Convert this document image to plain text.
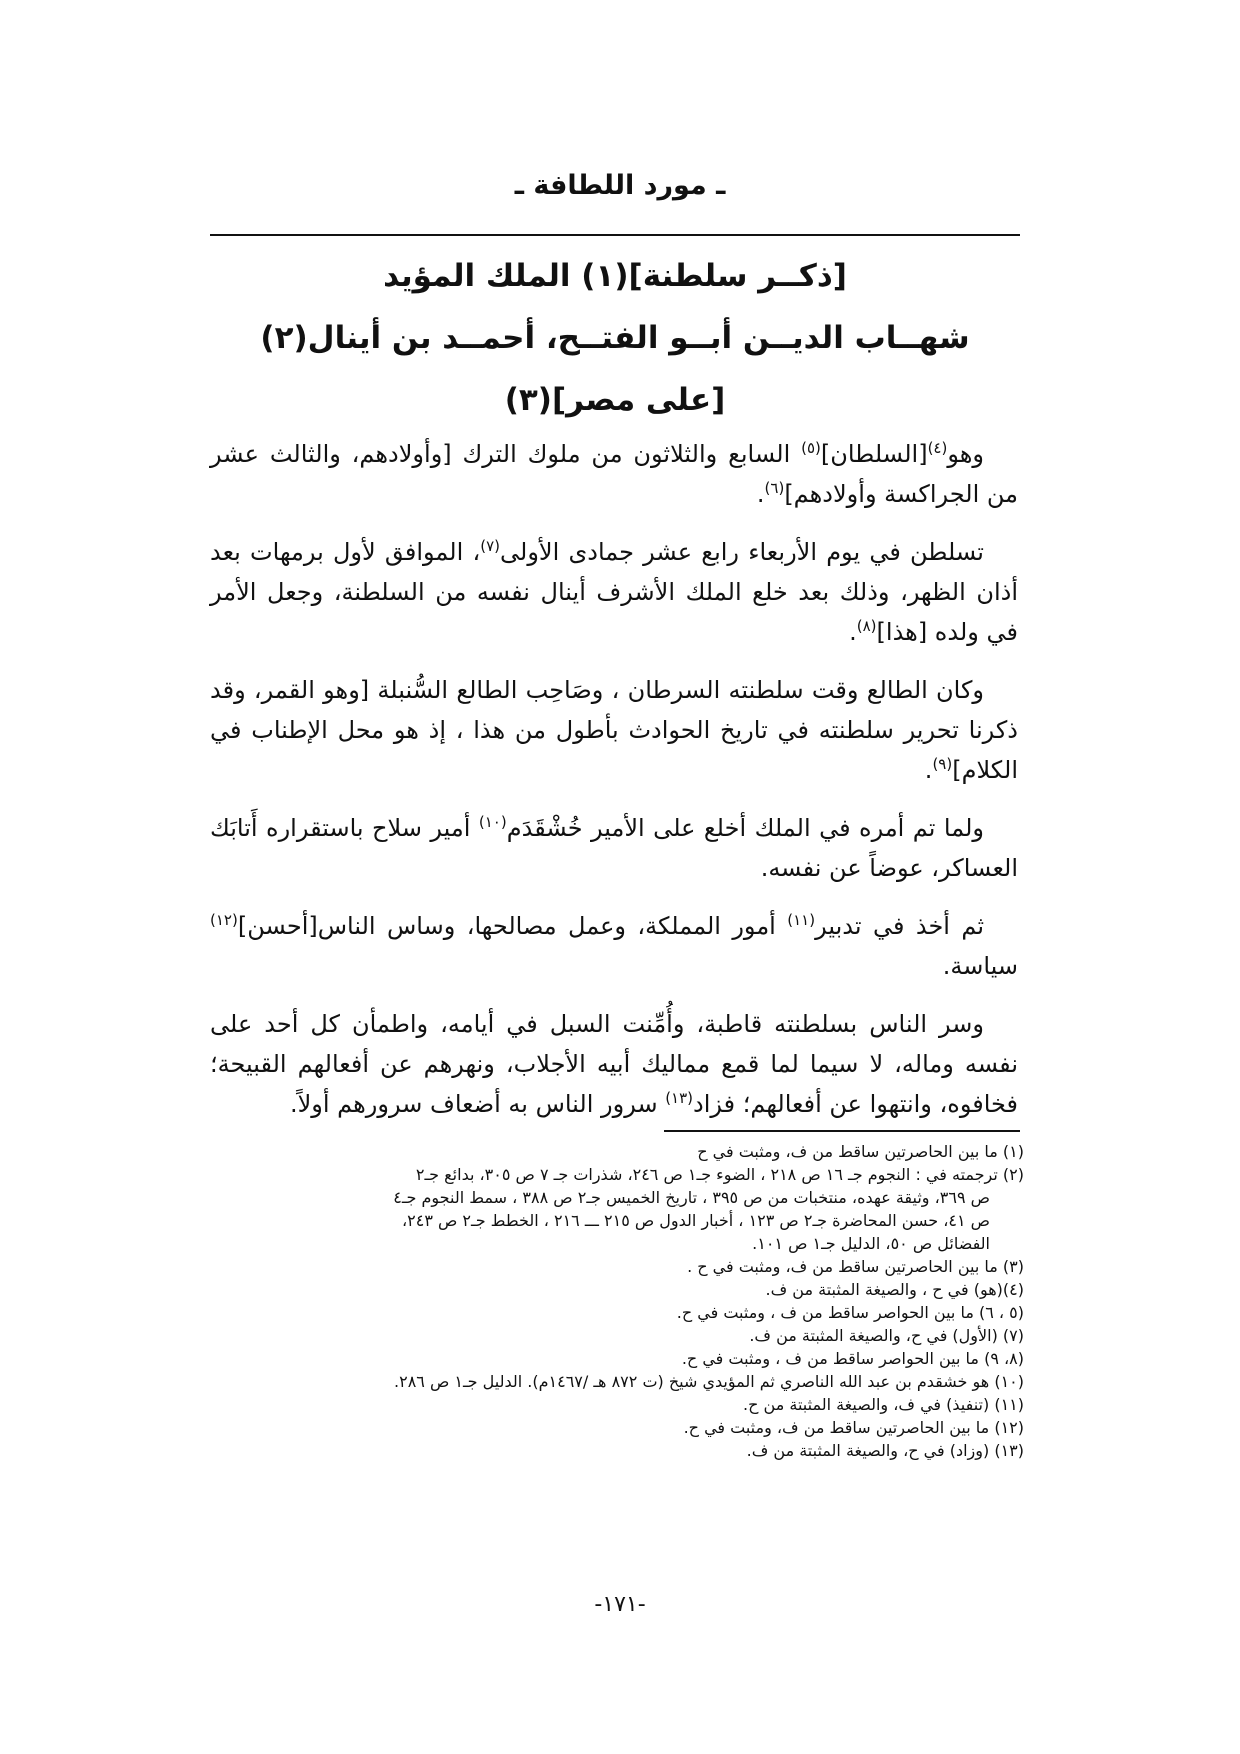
ـ مورد اللطافة ـ
[ذكــر سلطنة](١) الملك المؤيد
شهــاب الديــن أبــو الفتــح، أحمــد بن أينال(٢)
[على مصر](٣)

وهو$^{(٤)}$[السلطان]$^{(٥)}$ السابع والثلاثون من ملوك الترك [وأولادهم، والثالث عشر من الجراكسة وأولادهم]$^{(٦)}$.

تسلطن في يوم الأربعاء رابع عشر جمادى الأولى$^{(٧)}$، الموافق لأول برمهات بعد أذان الظهر، وذلك بعد خلع الملك الأشرف أينال نفسه من السلطنة، وجعل الأمر في ولده [هذا]$^{(٨)}$.

وكان الطالع وقت سلطنته السرطان ، وصَاحِب الطالع السُّنبلة [وهو القمر، وقد ذكرنا تحرير سلطنته في تاريخ الحوادث بأطول من هذا ، إذ هو محل الإطناب في الكلام]$^{(٩)}$.

ولما تم أمره في الملك أخلع على الأمير خُشْقَدَم$^{(١٠)}$ أمير سلاح باستقراره أَتابَك العساكر، عوضاً عن نفسه.

ثم أخذ في تدبير$^{(١١)}$ أمور المملكة، وعمل مصالحها، وساس الناس[أحسن]$^{(١٢)}$ سياسة.

وسر الناس بسلطنته قاطبة، وأُمِّنت السبل في أيامه، واطمأن كل أحد على نفسه وماله، لا سيما لما قمع مماليك أبيه الأجلاب، ونهرهم عن أفعالهم القبيحة؛ فخافوه، وانتهوا عن أفعالهم؛ فزاد$^{(١٣)}$ سرور الناس به أضعاف سرورهم أولاً.

(١) ما بين الحاصرتين ساقط من ف، ومثبت في ح
(٢) ترجمته في : النجوم جـ ١٦ ص ٢١٨ ، الضوء جـ١ ص ٢٤٦، شذرات جـ ٧ ص ٣٠٥، بدائع جـ٢
ص ٣٦٩، وثيقة عهده، منتخبات من ص ٣٩٥ ، تاريخ الخميس جـ٢ ص ٣٨٨ ، سمط النجوم جـ٤
ص ٤١، حسن المحاضرة جـ٢ ص ١٢٣ ، أخبار الدول ص ٢١٥ ـــ ٢١٦ ، الخطط جـ٢ ص ٢٤٣،
الفضائل ص ٥٠، الدليل جـ١ ص ١٠١.
(٣) ما بين الحاصرتين ساقط من ف، ومثبت في ح .
(٤)(هو) في ح ، والصيغة المثبتة من ف.
(٥ ، ٦) ما بين الحواصر ساقط من ف ، ومثبت في ح.
(٧) (الأول) في ح، والصيغة المثبتة من ف.
(٨، ٩) ما بين الحواصر ساقط من ف ، ومثبت في ح.
(١٠) هو خشقدم بن عبد الله الناصري ثم المؤيدي شيخ (ت ٨٧٢ هـ /١٤٦٧م). الدليل جـ١ ص ٢٨٦.
(١١) (تنفيذ) في ف، والصيغة المثبتة من ح.
(١٢) ما بين الحاصرتين ساقط من ف، ومثبت في ح.
(١٣) (وزاد) في ح، والصيغة المثبتة من ف.
-١٧١-
